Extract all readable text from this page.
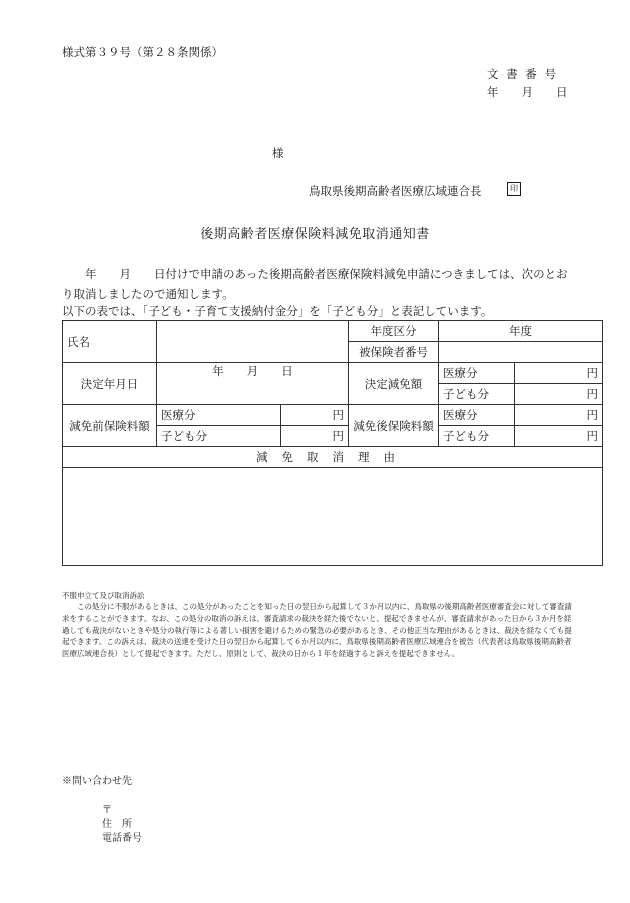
様式第３９号（第２８条関係）
文 書 番 号
年　　月　　日
様
鳥取県後期高齢者医療広域連合長	印
後期高齢者医療保険料減免取消通知書
　　年　　月　　日付けで申請のあった後期高齢者医療保険料減免申請につきましては、次のとおり取消しましたので通知します。
以下の表では、「子ども・子育て支援納付金分」を「子ども分」と表記しています。
氏名			年度区分	年度	
			被保険者番号		
決定年月日	年　　月　　日		決定減免額	医療分	円
				子ども分	円
減免前保険料額	医療分	円	減免後保険料額	医療分	円
	子ども分	円		子ども分	円
減免取消理由					

不服申立て及び取消訴訟
この処分に不服があるときは、この処分があったことを知った日の翌日から起算して３か月以内に、鳥取県の後期高齢者医療審査会に対して審査請求をすることができます。なお、この処分の取消の訴えは、審査請求の裁決を経た後でないと、提起できませんが、審査請求があった日から３か月を経過しても裁決がないときや処分の執行等による著しい損害を避けるための緊急の必要があるとき、その他正当な理由があるときは、裁決を経なくても提起できます。この訴えは、裁決の送達を受けた日の翌日から起算して６か月以内に、鳥取県後期高齢者医療広域連合を被告（代表者は鳥取県後期高齢者医療広域連合長）として提起できます。ただし、原則として、裁決の日から１年を経過すると訴えを提起できません。
※問い合わせ先
〒
住　所
電話番号
